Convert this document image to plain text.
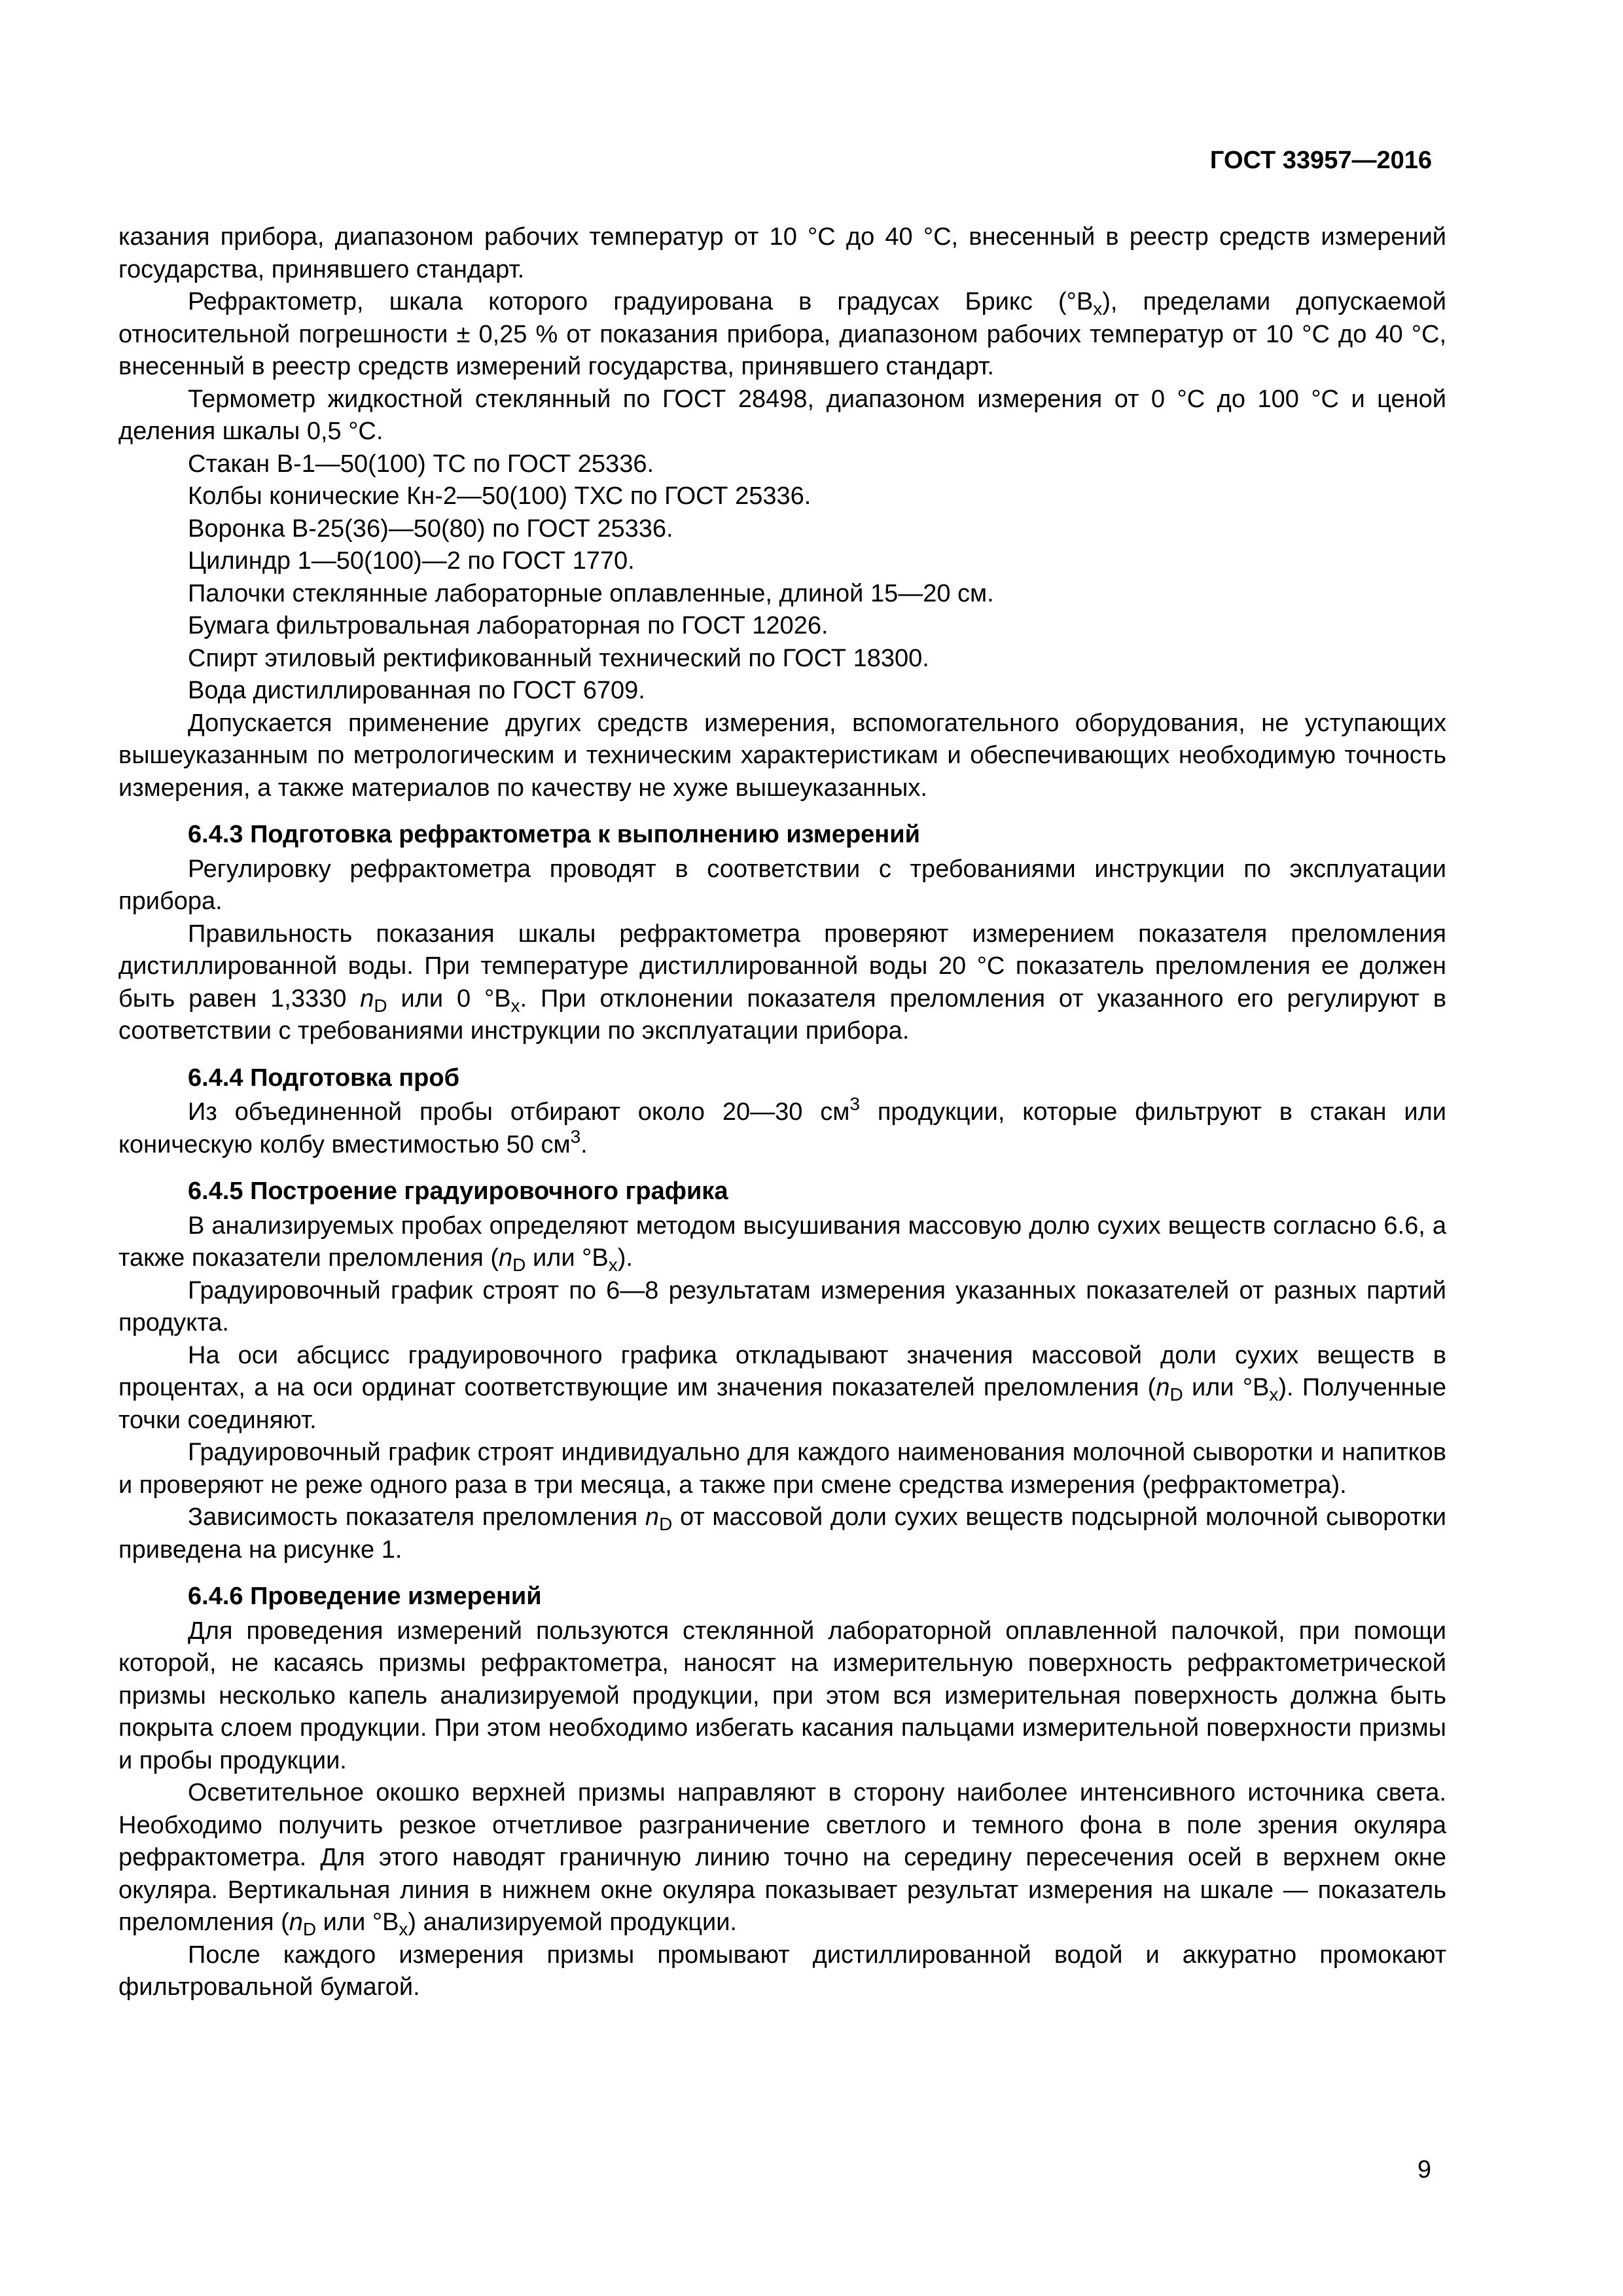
ГОСТ 33957—2016

казания прибора, диапазоном рабочих температур от 10 °С до 40 °С, внесенный в реестр средств измерений государства, принявшего стандарт.

Рефрактометр, шкала которого градуирована в градусах Брикс $(^\circ В_x)$, пределами допускаемой относительной погрешности ± 0,25 % от показания прибора, диапазоном рабочих температур от 10 °С до 40 °С, внесенный в реестр средств измерений государства, принявшего стандарт.

Термометр жидкостной стеклянный по ГОСТ 28498, диапазоном измерения от 0 °С до 100 °С и ценой деления шкалы 0,5 °С.

Стакан В-1—50(100) ТС по ГОСТ 25336.

Колбы конические Кн-2—50(100) ТХС по ГОСТ 25336.

Воронка В-25(36)—50(80) по ГОСТ 25336.

Цилиндр 1—50(100)—2 по ГОСТ 1770.

Палочки стеклянные лабораторные оплавленные, длиной 15—20 см.

Бумага фильтровальная лабораторная по ГОСТ 12026.

Спирт этиловый ректификованный технический по ГОСТ 18300.

Вода дистиллированная по ГОСТ 6709.

Допускается применение других средств измерения, вспомогательного оборудования, не уступающих вышеуказанным по метрологическим и техническим характеристикам и обеспечивающих необходимую точность измерения, а также материалов по качеству не хуже вышеуказанных.

6.4.3 Подготовка рефрактометра к выполнению измерений

Регулировку рефрактометра проводят в соответствии с требованиями инструкции по эксплуатации прибора.

Правильность показания шкалы рефрактометра проверяют измерением показателя преломления дистиллированной воды. При температуре дистиллированной воды 20 °С показатель преломления ее должен быть равен 1,3330 $n_D$ или 0 $^\circ В_x$. При отклонении показателя преломления от указанного его регулируют в соответствии с требованиями инструкции по эксплуатации прибора.

6.4.4 Подготовка проб

Из объединенной пробы отбирают около 20—30 $см^3$ продукции, которые фильтруют в стакан или коническую колбу вместимостью 50 $см^3$.

6.4.5 Построение градуировочного графика

В анализируемых пробах определяют методом высушивания массовую долю сухих веществ согласно 6.6, а также показатели преломления ($n_D$ или $^\circ В_x$).

Градуировочный график строят по 6—8 результатам измерения указанных показателей от разных партий продукта.

На оси абсцисс градуировочного графика откладывают значения массовой доли сухих веществ в процентах, а на оси ординат соответствующие им значения показателей преломления ($n_D$ или $^\circ В_x$). Полученные точки соединяют.

Градуировочный график строят индивидуально для каждого наименования молочной сыворотки и напитков и проверяют не реже одного раза в три месяца, а также при смене средства измерения (рефрактометра).

Зависимость показателя преломления $n_D$ от массовой доли сухих веществ подсырной молочной сыворотки приведена на рисунке 1.

6.4.6 Проведение измерений

Для проведения измерений пользуются стеклянной лабораторной оплавленной палочкой, при помощи которой, не касаясь призмы рефрактометра, наносят на измерительную поверхность рефрактометрической призмы несколько капель анализируемой продукции, при этом вся измерительная поверхность должна быть покрыта слоем продукции. При этом необходимо избегать касания пальцами измерительной поверхности призмы и пробы продукции.

Осветительное окошко верхней призмы направляют в сторону наиболее интенсивного источника света. Необходимо получить резкое отчетливое разграничение светлого и темного фона в поле зрения окуляра рефрактометра. Для этого наводят граничную линию точно на середину пересечения осей в верхнем окне окуляра. Вертикальная линия в нижнем окне окуляра показывает результат измерения на шкале — показатель преломления ($n_D$ или $^\circ В_x$) анализируемой продукции.

После каждого измерения призмы промывают дистиллированной водой и аккуратно промокают фильтровальной бумагой.

9
